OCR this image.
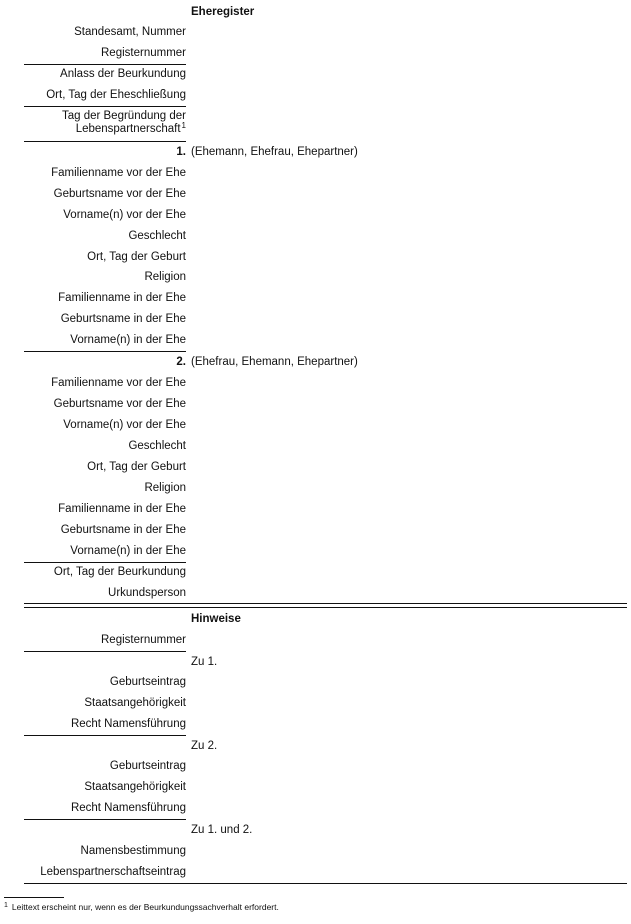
Eheregister
Standesamt, Nummer
Registernummer
Anlass der Beurkundung
Ort, Tag der Eheschließung
Tag der Begründung der
Lebenspartnerschaft$^1$
1. (Ehemann, Ehefrau, Ehepartner)
Familienname vor der Ehe
Geburtsname vor der Ehe
Vorname(n) vor der Ehe
Geschlecht
Ort, Tag der Geburt
Religion
Familienname in der Ehe
Geburtsname in der Ehe
Vorname(n) in der Ehe
2. (Ehefrau, Ehemann, Ehepartner)
Familienname vor der Ehe
Geburtsname vor der Ehe
Vorname(n) vor der Ehe
Geschlecht
Ort, Tag der Geburt
Religion
Familienname in der Ehe
Geburtsname in der Ehe
Vorname(n) in der Ehe
Ort, Tag der Beurkundung
Urkundsperson
Hinweise
Registernummer
Zu 1.
Geburtseintrag
Staatsangehörigkeit
Recht Namensführung
Zu 2.
Geburtseintrag
Staatsangehörigkeit
Recht Namensführung
Zu 1. und 2.
Namensbestimmung
Lebenspartnerschaftseintrag
$^1$ Leittext erscheint nur, wenn es der Beurkundungssachverhalt erfordert.
